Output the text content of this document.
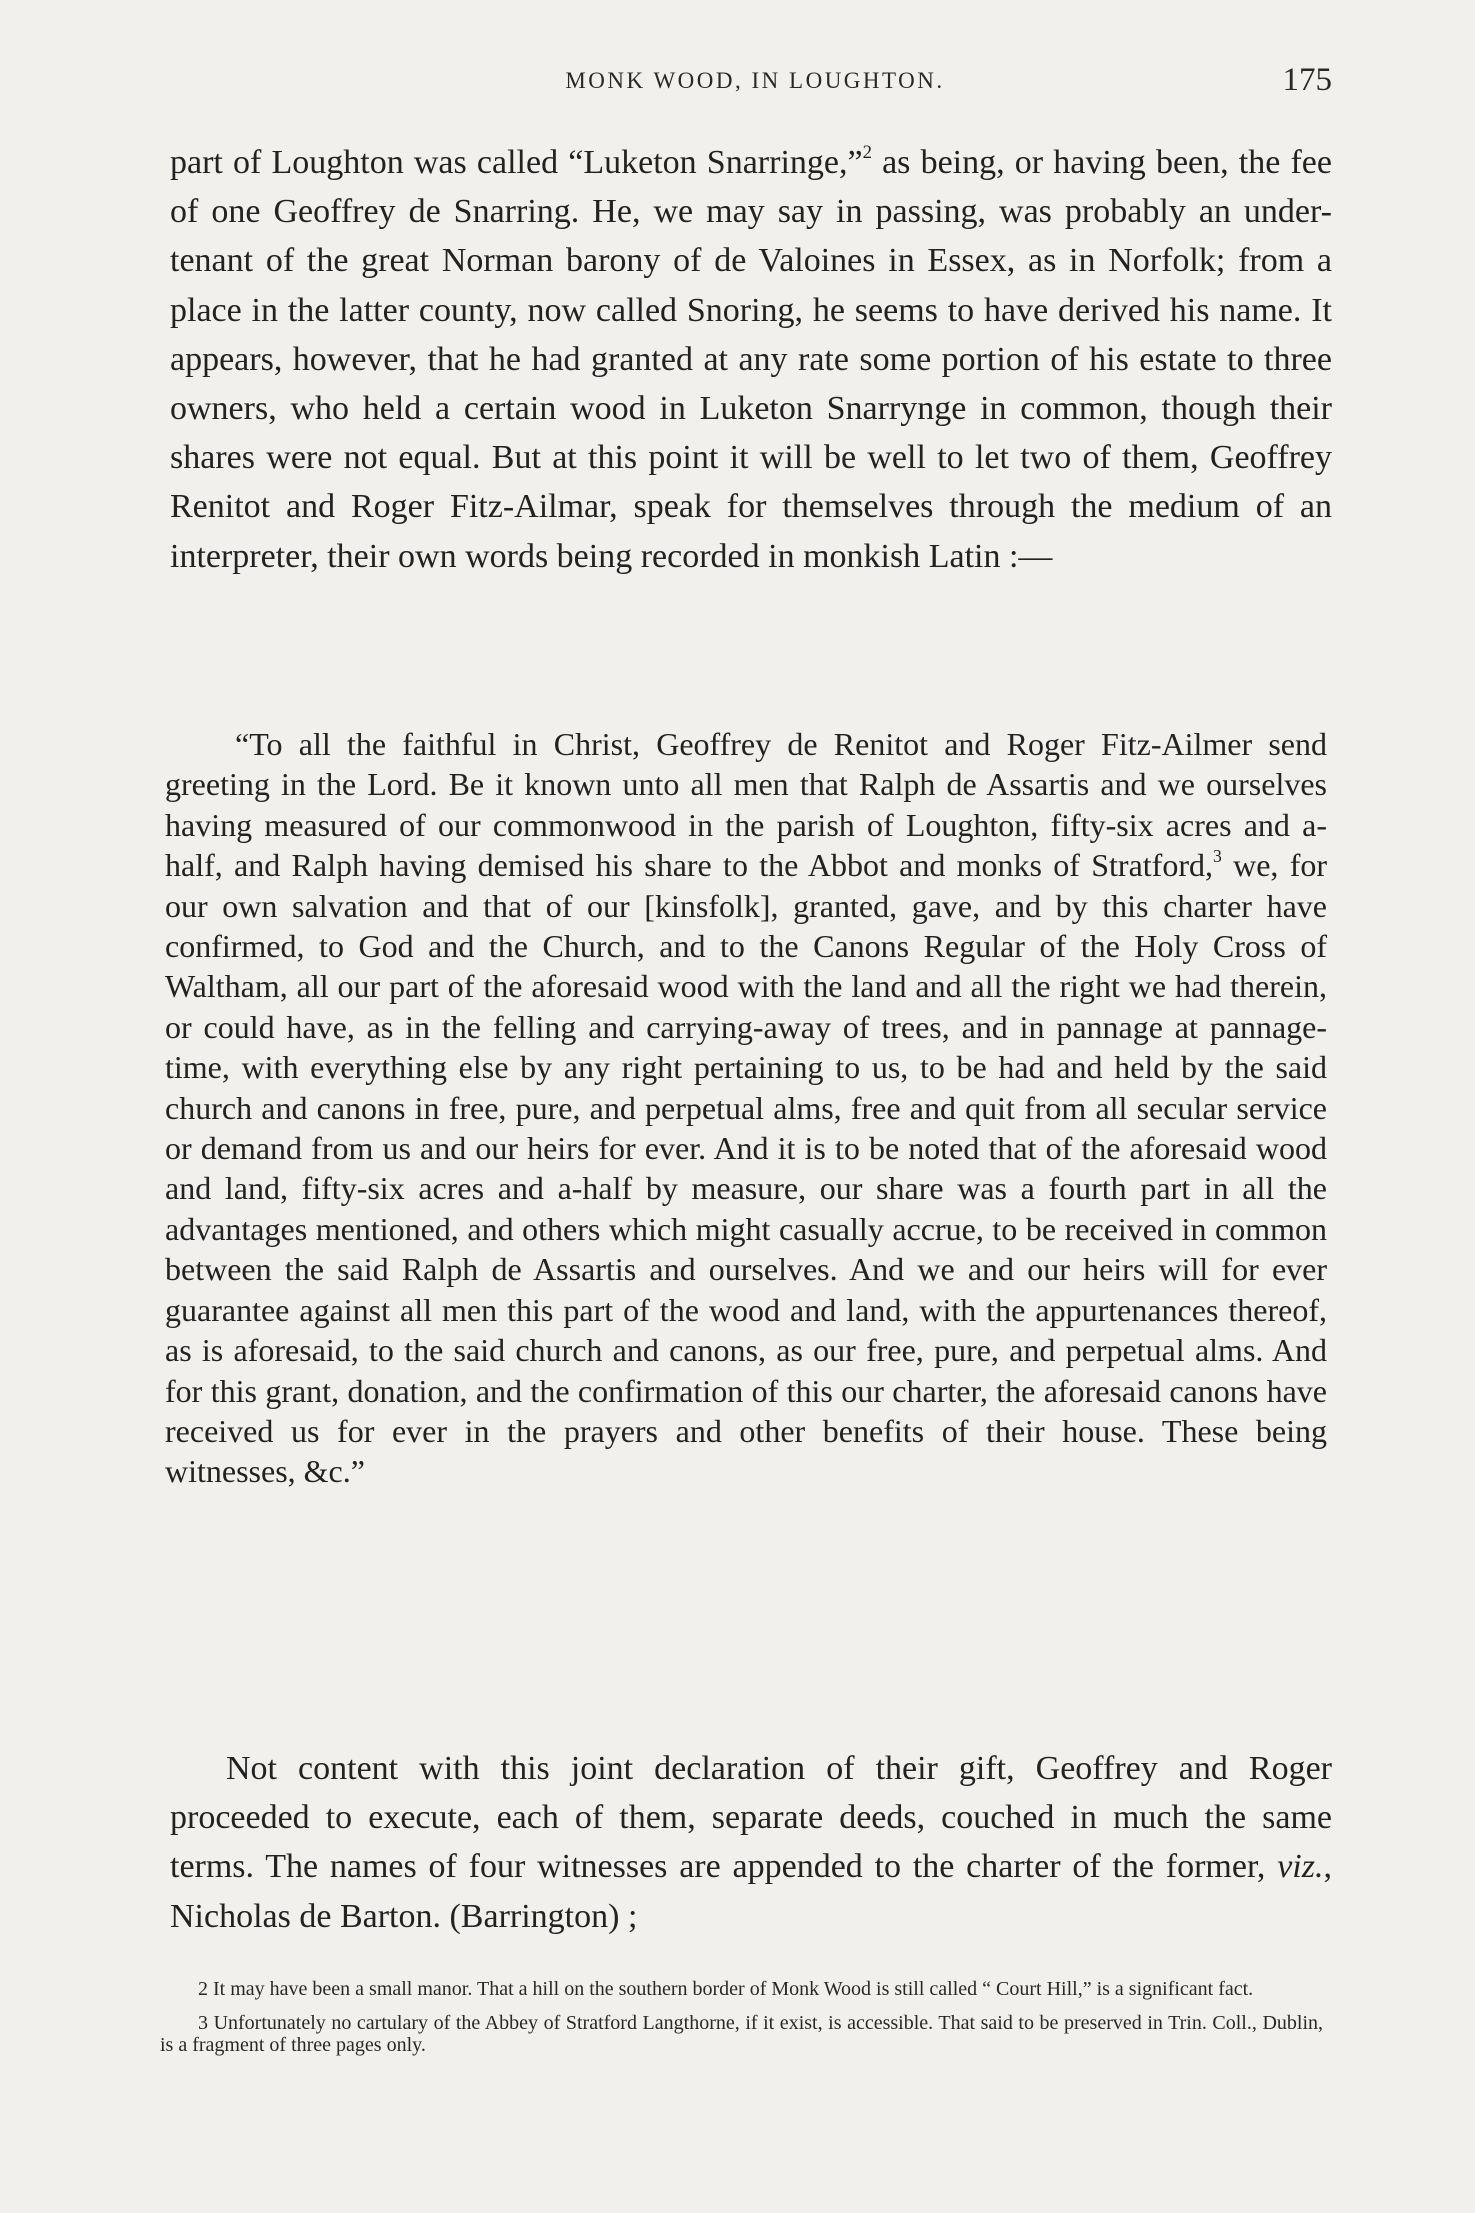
MONK WOOD, IN LOUGHTON.	175
part of Loughton was called “Luketon Snarringe,”$^2$ as being, or having been, the fee of one Geoffrey de Snarring. He, we may say in passing, was probably an under-tenant of the great Norman barony of de Valoines in Essex, as in Norfolk; from a place in the latter county, now called Snoring, he seems to have derived his name. It appears, however, that he had granted at any rate some portion of his estate to three owners, who held a certain wood in Luketon Snarrynge in common, though their shares were not equal. But at this point it will be well to let two of them, Geoffrey Renitot and Roger Fitz-Ailmar, speak for themselves through the medium of an interpreter, their own words being recorded in monkish Latin :—
“To all the faithful in Christ, Geoffrey de Renitot and Roger Fitz-Ailmer send greeting in the Lord. Be it known unto all men that Ralph de Assartis and we ourselves having measured of our commonwood in the parish of Loughton, fifty-six acres and a-half, and Ralph having demised his share to the Abbot and monks of Stratford,$^3$ we, for our own salvation and that of our [kinsfolk], granted, gave, and by this charter have confirmed, to God and the Church, and to the Canons Regular of the Holy Cross of Waltham, all our part of the aforesaid wood with the land and all the right we had therein, or could have, as in the felling and carrying-away of trees, and in pannage at pannage-time, with everything else by any right pertaining to us, to be had and held by the said church and canons in free, pure, and perpetual alms, free and quit from all secular service or demand from us and our heirs for ever. And it is to be noted that of the aforesaid wood and land, fifty-six acres and a-half by measure, our share was a fourth part in all the advantages mentioned, and others which might casually accrue, to be received in common between the said Ralph de Assartis and ourselves. And we and our heirs will for ever guarantee against all men this part of the wood and land, with the appurtenances thereof, as is aforesaid, to the said church and canons, as our free, pure, and perpetual alms. And for this grant, donation, and the confirmation of this our charter, the aforesaid canons have received us for ever in the prayers and other benefits of their house. These being witnesses, &c.”
Not content with this joint declaration of their gift, Geoffrey and Roger proceeded to execute, each of them, separate deeds, couched in much the same terms. The names of four witnesses are appended to the charter of the former, viz., Nicholas de Barton. (Barrington) ;

2 It may have been a small manor. That a hill on the southern border of Monk Wood is still called “ Court Hill,” is a significant fact.

3 Unfortunately no cartulary of the Abbey of Stratford Langthorne, if it exist, is accessible. That said to be preserved in Trin. Coll., Dublin, is a fragment of three pages only.
